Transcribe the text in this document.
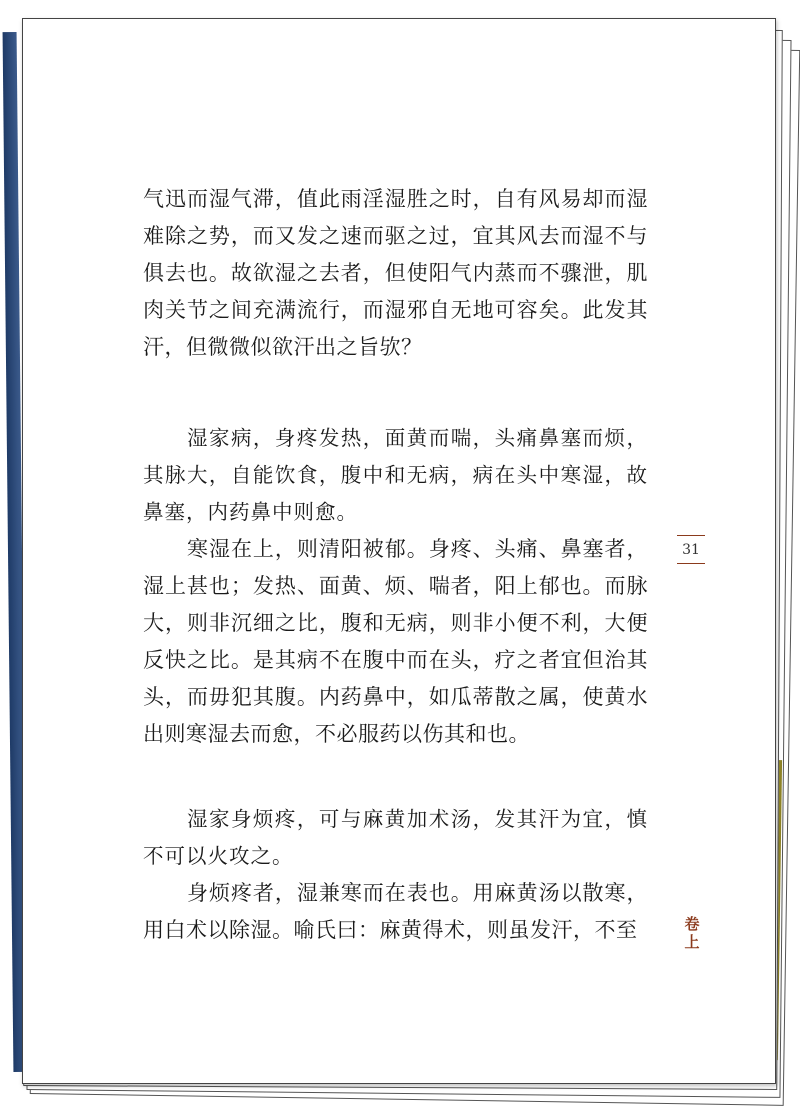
气迅而湿气滞，值此雨淫湿胜之时，自有风易却而湿难除之势，而又发之速而驱之过，宜其风去而湿不与俱去也。故欲湿之去者，但使阳气内蒸而不骤泄，肌肉关节之间充满流行，而湿邪自无地可容矣。此发其汗，但微微似欲汗出之旨欤？

湿家病，身疼发热，面黄而喘，头痛鼻塞而烦，其脉大，自能饮食，腹中和无病，病在头中寒湿，故鼻塞，内药鼻中则愈。

寒湿在上，则清阳被郁。身疼、头痛、鼻塞者，湿上甚也；发热、面黄、烦、喘者，阳上郁也。而脉大，则非沉细之比，腹和无病，则非小便不利，大便反快之比。是其病不在腹中而在头，疗之者宜但治其头，而毋犯其腹。内药鼻中，如瓜蒂散之属，使黄水出则寒湿去而愈，不必服药以伤其和也。

湿家身烦疼，可与麻黄加术汤，发其汗为宜，慎不可以火攻之。

身烦疼者，湿兼寒而在表也。用麻黄汤以散寒，用白术以除湿。喻氏曰：麻黄得术，则虽发汗，不至

31
卷上
